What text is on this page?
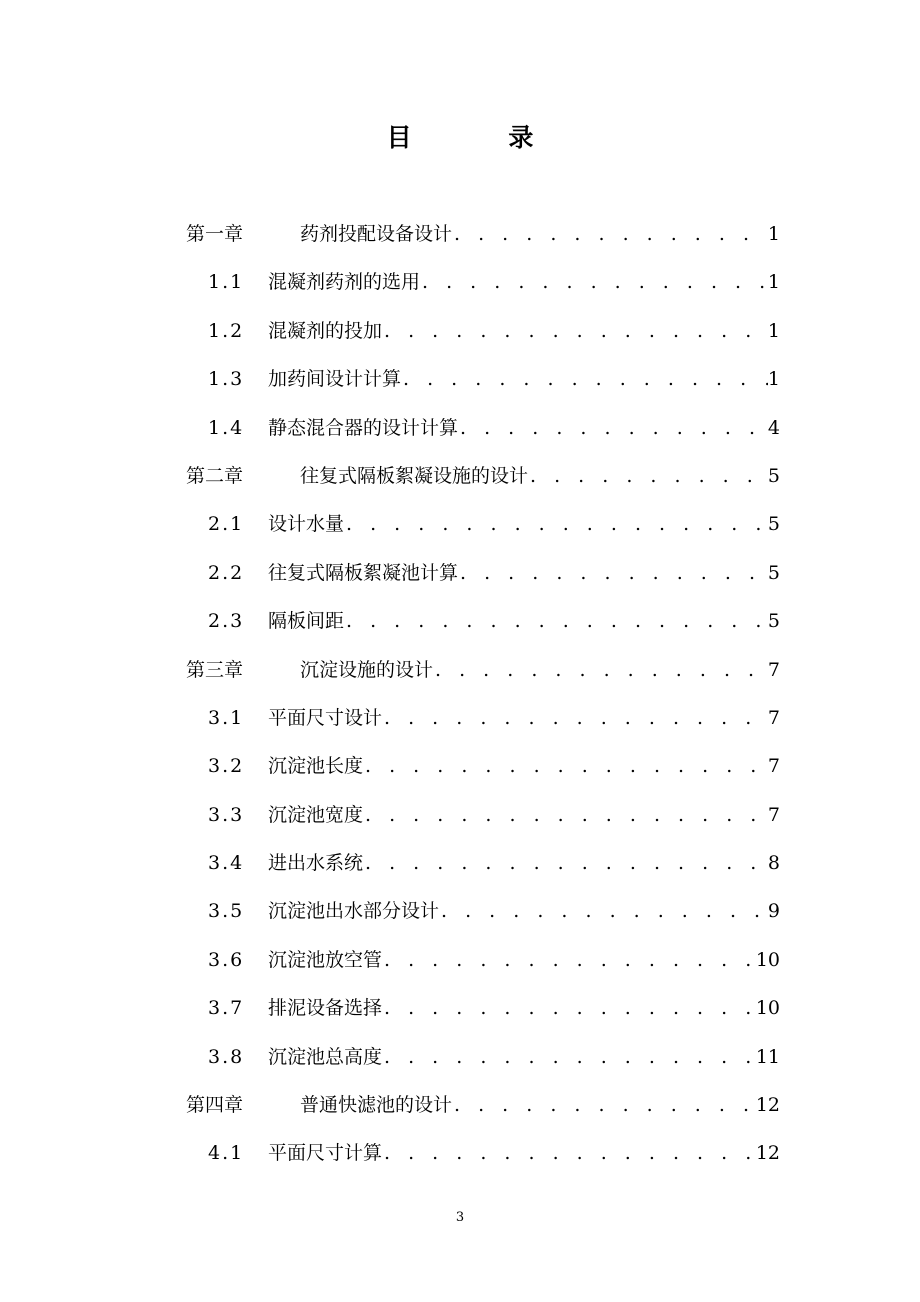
目 录
第一章	药剂投配设备设计 . . .	1
1.1	混凝剂药剂的选用 . . .	1
1.2	混凝剂的投加 . . .	1
1.3	加药间设计计算 . . .	1
1.4	静态混合器的设计计算 . . .	4
第二章	往复式隔板絮凝设施的设计 . . .	5
2.1	设计水量 . . .	5
2.2	往复式隔板絮凝池计算 . . .	5
2.3	隔板间距 . . .	5
第三章	沉淀设施的设计 . . .	7
3.1	平面尺寸设计 . . .	7
3.2	沉淀池长度 . . .	7
3.3	沉淀池宽度 . . .	7
3.4	进出水系统 . . .	8
3.5	沉淀池出水部分设计 . . .	9
3.6	沉淀池放空管 . . .	10
3.7	排泥设备选择 . . .	10
3.8	沉淀池总高度 . . .	11
第四章	普通快滤池的设计 . . .	12
4.1	平面尺寸计算 . . .	12
3
